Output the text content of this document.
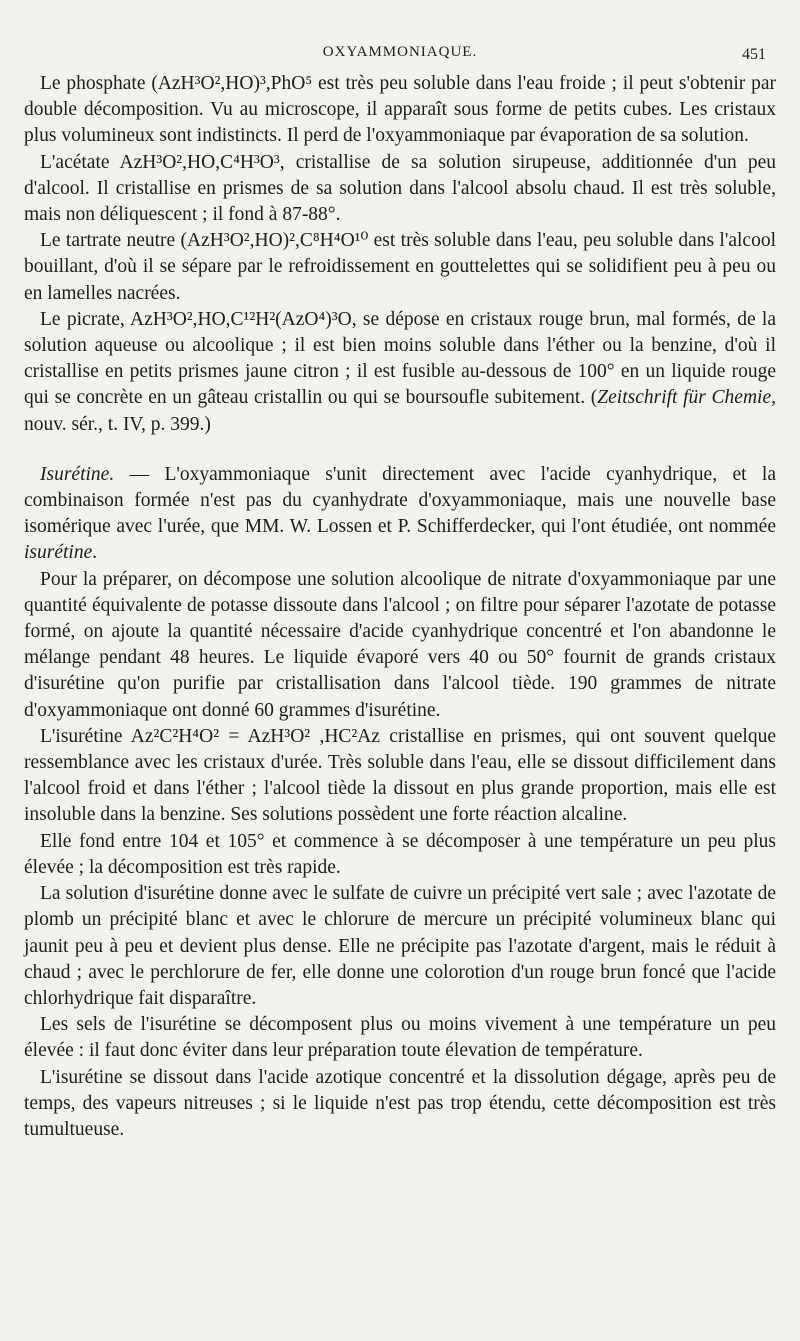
OXYAMMONIAQUE.	451

Le phosphate (AzH³O²,HO)³,PhO⁵ est très peu soluble dans l'eau froide ; il peut s'obtenir par double décomposition. Vu au microscope, il apparaît sous forme de petits cubes. Les cristaux plus volumineux sont indistincts. Il perd de l'oxyammoniaque par évaporation de sa solution.

L'acétate AzH³O²,HO,C⁴H³O³, cristallise de sa solution sirupeuse, additionnée d'un peu d'alcool. Il cristallise en prismes de sa solution dans l'alcool absolu chaud. Il est très soluble, mais non déliquescent ; il fond à 87-88°.

Le tartrate neutre (AzH³O²,HO)²,C⁸H⁴O¹⁰ est très soluble dans l'eau, peu soluble dans l'alcool bouillant, d'où il se sépare par le refroidissement en gouttelettes qui se solidifient peu à peu ou en lamelles nacrées.

Le picrate, AzH³O²,HO,C¹²H²(AzO⁴)³O, se dépose en cristaux rouge brun, mal formés, de la solution aqueuse ou alcoolique ; il est bien moins soluble dans l'éther ou la benzine, d'où il cristallise en petits prismes jaune citron ; il est fusible au-dessous de 100° en un liquide rouge qui se concrète en un gâteau cristallin ou qui se boursoufle subitement. (Zeitschrift für Chemie, nouv. sér., t. IV, p. 399.)

Isurétine. — L'oxyammoniaque s'unit directement avec l'acide cyanhydrique, et la combinaison formée n'est pas du cyanhydrate d'oxyammoniaque, mais une nouvelle base isomérique avec l'urée, que MM. W. Lossen et P. Schifferdecker, qui l'ont étudiée, ont nommée isurétine.

Pour la préparer, on décompose une solution alcoolique de nitrate d'oxyammoniaque par une quantité équivalente de potasse dissoute dans l'alcool ; on filtre pour séparer l'azotate de potasse formé, on ajoute la quantité nécessaire d'acide cyanhydrique concentré et l'on abandonne le mélange pendant 48 heures. Le liquide évaporé vers 40 ou 50° fournit de grands cristaux d'isurétine qu'on purifie par cristallisation dans l'alcool tiède. 190 grammes de nitrate d'oxyammoniaque ont donné 60 grammes d'isurétine.

L'isurétine Az²C²H⁴O² = AzH³O² ,HC²Az cristallise en prismes, qui ont souvent quelque ressemblance avec les cristaux d'urée. Très soluble dans l'eau, elle se dissout difficilement dans l'alcool froid et dans l'éther ; l'alcool tiède la dissout en plus grande proportion, mais elle est insoluble dans la benzine. Ses solutions possèdent une forte réaction alcaline.

Elle fond entre 104 et 105° et commence à se décomposer à une température un peu plus élevée ; la décomposition est très rapide.

La solution d'isurétine donne avec le sulfate de cuivre un précipité vert sale ; avec l'azotate de plomb un précipité blanc et avec le chlorure de mercure un précipité volumineux blanc qui jaunit peu à peu et devient plus dense. Elle ne précipite pas l'azotate d'argent, mais le réduit à chaud ; avec le perchlorure de fer, elle donne une colorotion d'un rouge brun foncé que l'acide chlorhydrique fait disparaître.

Les sels de l'isurétine se décomposent plus ou moins vivement à une température un peu élevée : il faut donc éviter dans leur préparation toute élevation de température.

L'isurétine se dissout dans l'acide azotique concentré et la dissolution dégage, après peu de temps, des vapeurs nitreuses ; si le liquide n'est pas trop étendu, cette décomposition est très tumultueuse.
